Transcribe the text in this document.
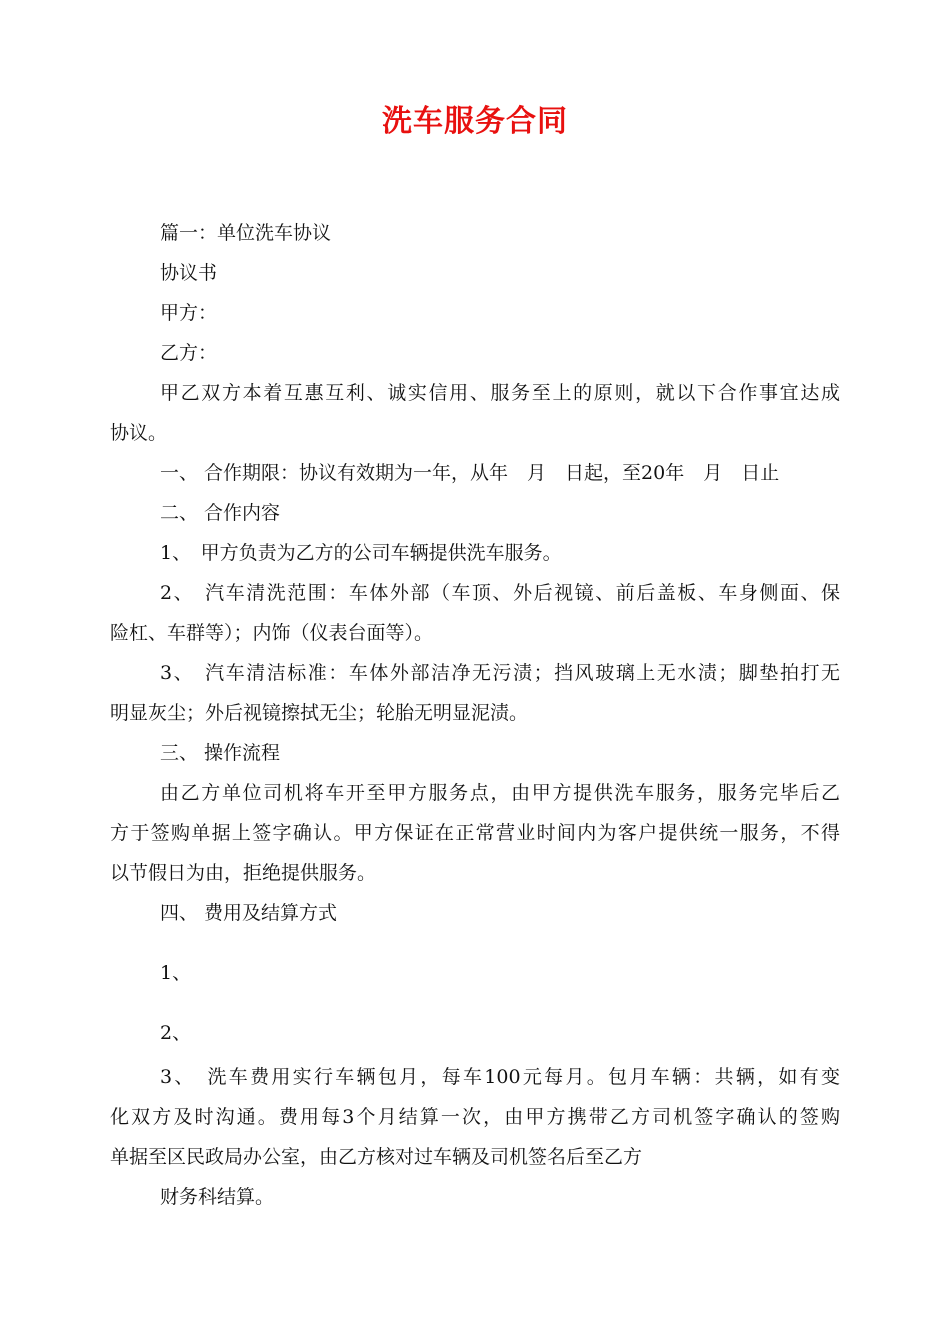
洗车服务合同

篇一：单位洗车协议

协议书

甲方：

乙方：

甲乙双方本着互惠互利、诚实信用、服务至上的原则，就以下合作事宜达成

协议。

一、 合作期限：协议有效期为一年，从年　月　日起，至20年　月　日止

二、 合作内容

1、　甲方负责为乙方的公司车辆提供洗车服务。

2、　汽车清洗范围：车体外部（车顶、外后视镜、前后盖板、车身侧面、保

险杠、车群等）；内饰（仪表台面等）。

3、　汽车清洁标准：车体外部洁净无污渍；挡风玻璃上无水渍；脚垫拍打无

明显灰尘；外后视镜擦拭无尘；轮胎无明显泥渍。

三、 操作流程

由乙方单位司机将车开至甲方服务点，由甲方提供洗车服务，服务完毕后乙

方于签购单据上签字确认。甲方保证在正常营业时间内为客户提供统一服务，不得

以节假日为由，拒绝提供服务。

四、 费用及结算方式

1、

2、

3、　洗车费用实行车辆包月，每车100元每月。包月车辆：共辆，如有变

化双方及时沟通。费用每3个月结算一次，由甲方携带乙方司机签字确认的签购

单据至区民政局办公室，由乙方核对过车辆及司机签名后至乙方

财务科结算。
